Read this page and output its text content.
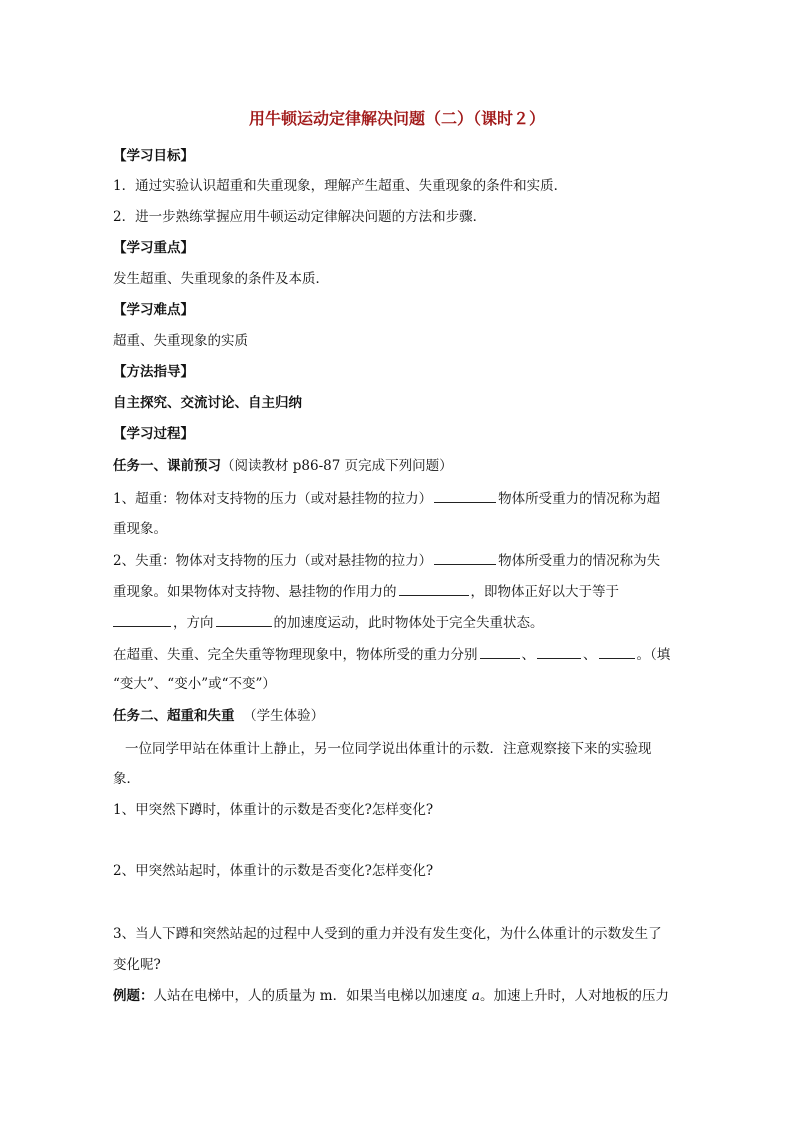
用牛顿运动定律解决问题（二）（课时２）
【学习目标】
1．通过实验认识超重和失重现象，理解产生超重、失重现象的条件和实质．
2．进一步熟练掌握应用牛顿运动定律解决问题的方法和步骤．
【学习重点】
发生超重、失重现象的条件及本质．
【学习难点】
超重、失重现象的实质
【方法指导】
自主探究、交流讨论、自主归纳
【学习过程】
任务一、课前预习（阅读教材 p86-87 页完成下列问题）
1、超重：物体对支持物的压力（或对悬挂物的拉力）	物体所受重力的情况称为超
重现象。
2、失重：物体对支持物的压力（或对悬挂物的拉力）	物体所受重力的情况称为失
重现象。如果物体对支持物、悬挂物的作用力的	，即物体正好以大于等于
，方向	的加速度运动，此时物体处于完全失重状态。
在超重、失重、完全失重等物理现象中，物体所受的重力分别	、	、	。（填
“变大”、“变小”或“不变”）
任务二、超重和失重 （学生体验）
一位同学甲站在体重计上静止，另一位同学说出体重计的示数．注意观察接下来的实验现
象．
1、甲突然下蹲时，体重计的示数是否变化?怎样变化?
2、甲突然站起时，体重计的示数是否变化?怎样变化?
3、当人下蹲和突然站起的过程中人受到的重力并没有发生变化，为什么体重计的示数发生了
变化呢?
例题：人站在电梯中，人的质量为 m．如果当电梯以加速度 a。加速上升时，人对地板的压力
